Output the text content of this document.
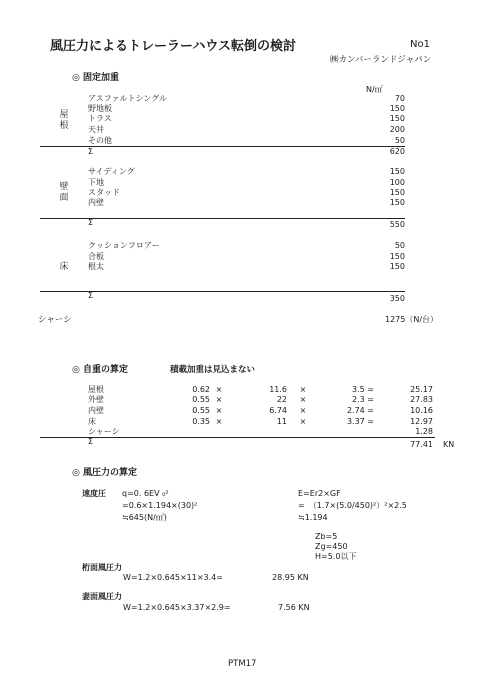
風圧力によるトレーラーハウス転倒の検討	No1
㈱カンバーランドジャパン
◎ 固定加重
N/㎡
屋
根
アスファルトシングル	70
野地板	150
トラス	150
天井	200
その他	50
Σ	620
壁
面
サイディング	150
下地	100
スタッド	150
内壁	150
Σ	550
床
クッションフロアー	50
合板	150
根太	150
Σ	350
シャーシ	1275（N/台）
◎ 自重の算定	積載加重は見込まない
屋根	0.62 ×	11.6	×	3.5 =	25.17
外壁	0.55 ×	22	×	2.3 =	27.83
内壁	0.55 ×	6.74	×	2.74 =	10.16
床	0.35 ×	11	×	3.37 =	12.97
シャーシ	1.28
Σ	77.41 KN
◎ 風圧力の算定
速度圧 q=0. 6EV ₀²
=0.6×1.194×(30)²
≒645(N/㎡)
E=Er2×GF
=　（1.7×(5.0/450)²）²×2.5
≒1.194
Zb=5
Zg=450
H=5.0以下
桁面風圧力
W=1.2×0.645×11×3.4=	28.95 KN
妻面風圧力
W=1.2×0.645×3.37×2.9=	7.56 KN
PTM17
